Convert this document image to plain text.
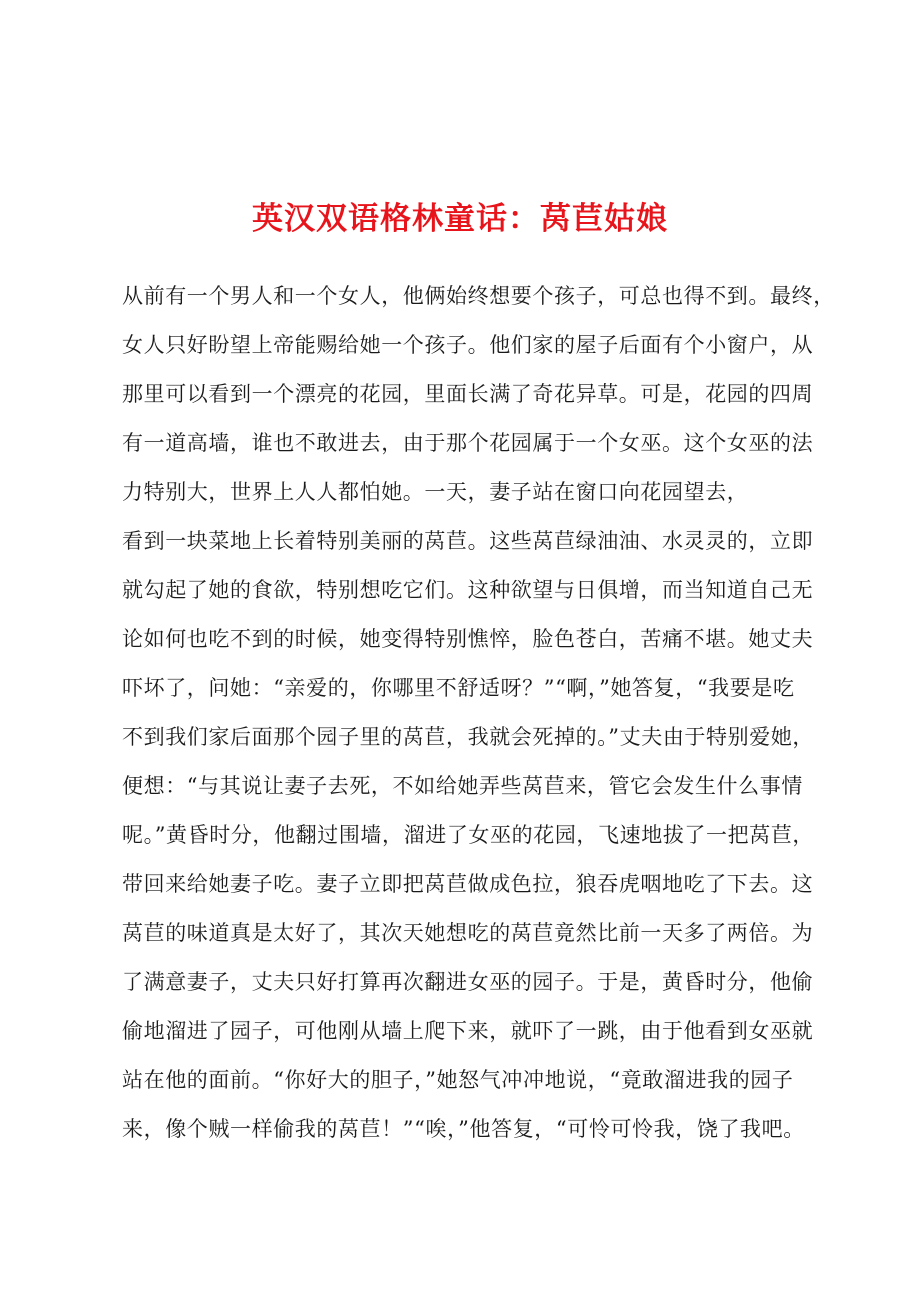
英汉双语格林童话：莴苣姑娘
从前有一个男人和一个女人，他俩始终想要个孩子，可总也得不到。最终，
女人只好盼望上帝能赐给她一个孩子。他们家的屋子后面有个小窗户，从
那里可以看到一个漂亮的花园，里面长满了奇花异草。可是，花园的四周
有一道高墙，谁也不敢进去，由于那个花园属于一个女巫。这个女巫的法
力特别大，世界上人人都怕她。一天，妻子站在窗口向花园望去，
看到一块菜地上长着特别美丽的莴苣。这些莴苣绿油油、水灵灵的，立即
就勾起了她的食欲，特别想吃它们。这种欲望与日俱增，而当知道自己无
论如何也吃不到的时候，她变得特别憔悴，脸色苍白，苦痛不堪。她丈夫
吓坏了，问她：“亲爱的，你哪里不舒适呀？”“啊，”她答复，“我要是吃
不到我们家后面那个园子里的莴苣，我就会死掉的。”丈夫由于特别爱她，
便想：“与其说让妻子去死，不如给她弄些莴苣来，管它会发生什么事情
呢。”黄昏时分，他翻过围墙，溜进了女巫的花园，飞速地拔了一把莴苣，
带回来给她妻子吃。妻子立即把莴苣做成色拉，狼吞虎咽地吃了下去。这
莴苣的味道真是太好了，其次天她想吃的莴苣竟然比前一天多了两倍。为
了满意妻子，丈夫只好打算再次翻进女巫的园子。于是，黄昏时分，他偷
偷地溜进了园子，可他刚从墙上爬下来，就吓了一跳，由于他看到女巫就
站在他的面前。“你好大的胆子，”她怒气冲冲地说，“竟敢溜进我的园子
来，像个贼一样偷我的莴苣！”“唉，”他答复，“可怜可怜我，饶了我吧。
